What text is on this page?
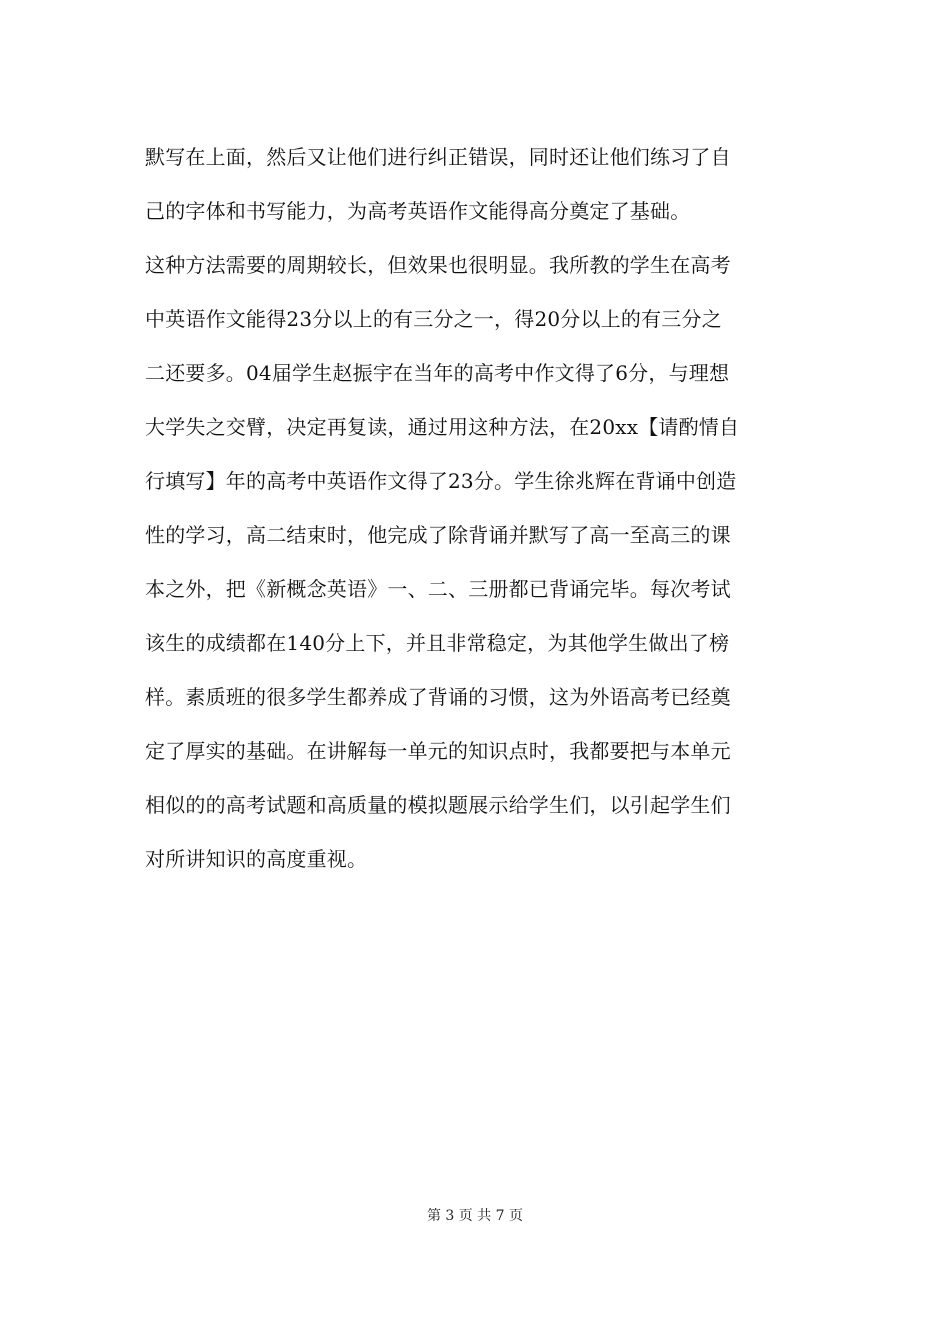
默写在上面，然后又让他们进行纠正错误，同时还让他们练习了自
己的字体和书写能力，为高考英语作文能得高分奠定了基础。
这种方法需要的周期较长，但效果也很明显。我所教的学生在高考
中英语作文能得23分以上的有三分之一，得20分以上的有三分之
二还要多。04届学生赵振宇在当年的高考中作文得了6分，与理想
大学失之交臂，决定再复读，通过用这种方法，在20xx【请酌情自
行填写】年的高考中英语作文得了23分。学生徐兆辉在背诵中创造
性的学习，高二结束时，他完成了除背诵并默写了高一至高三的课
本之外，把《新概念英语》一、二、三册都已背诵完毕。每次考试
该生的成绩都在140分上下，并且非常稳定，为其他学生做出了榜
样。素质班的很多学生都养成了背诵的习惯，这为外语高考已经奠
定了厚实的基础。在讲解每一单元的知识点时，我都要把与本单元
相似的的高考试题和高质量的模拟题展示给学生们，以引起学生们
对所讲知识的高度重视。
第 3 页 共 7 页
